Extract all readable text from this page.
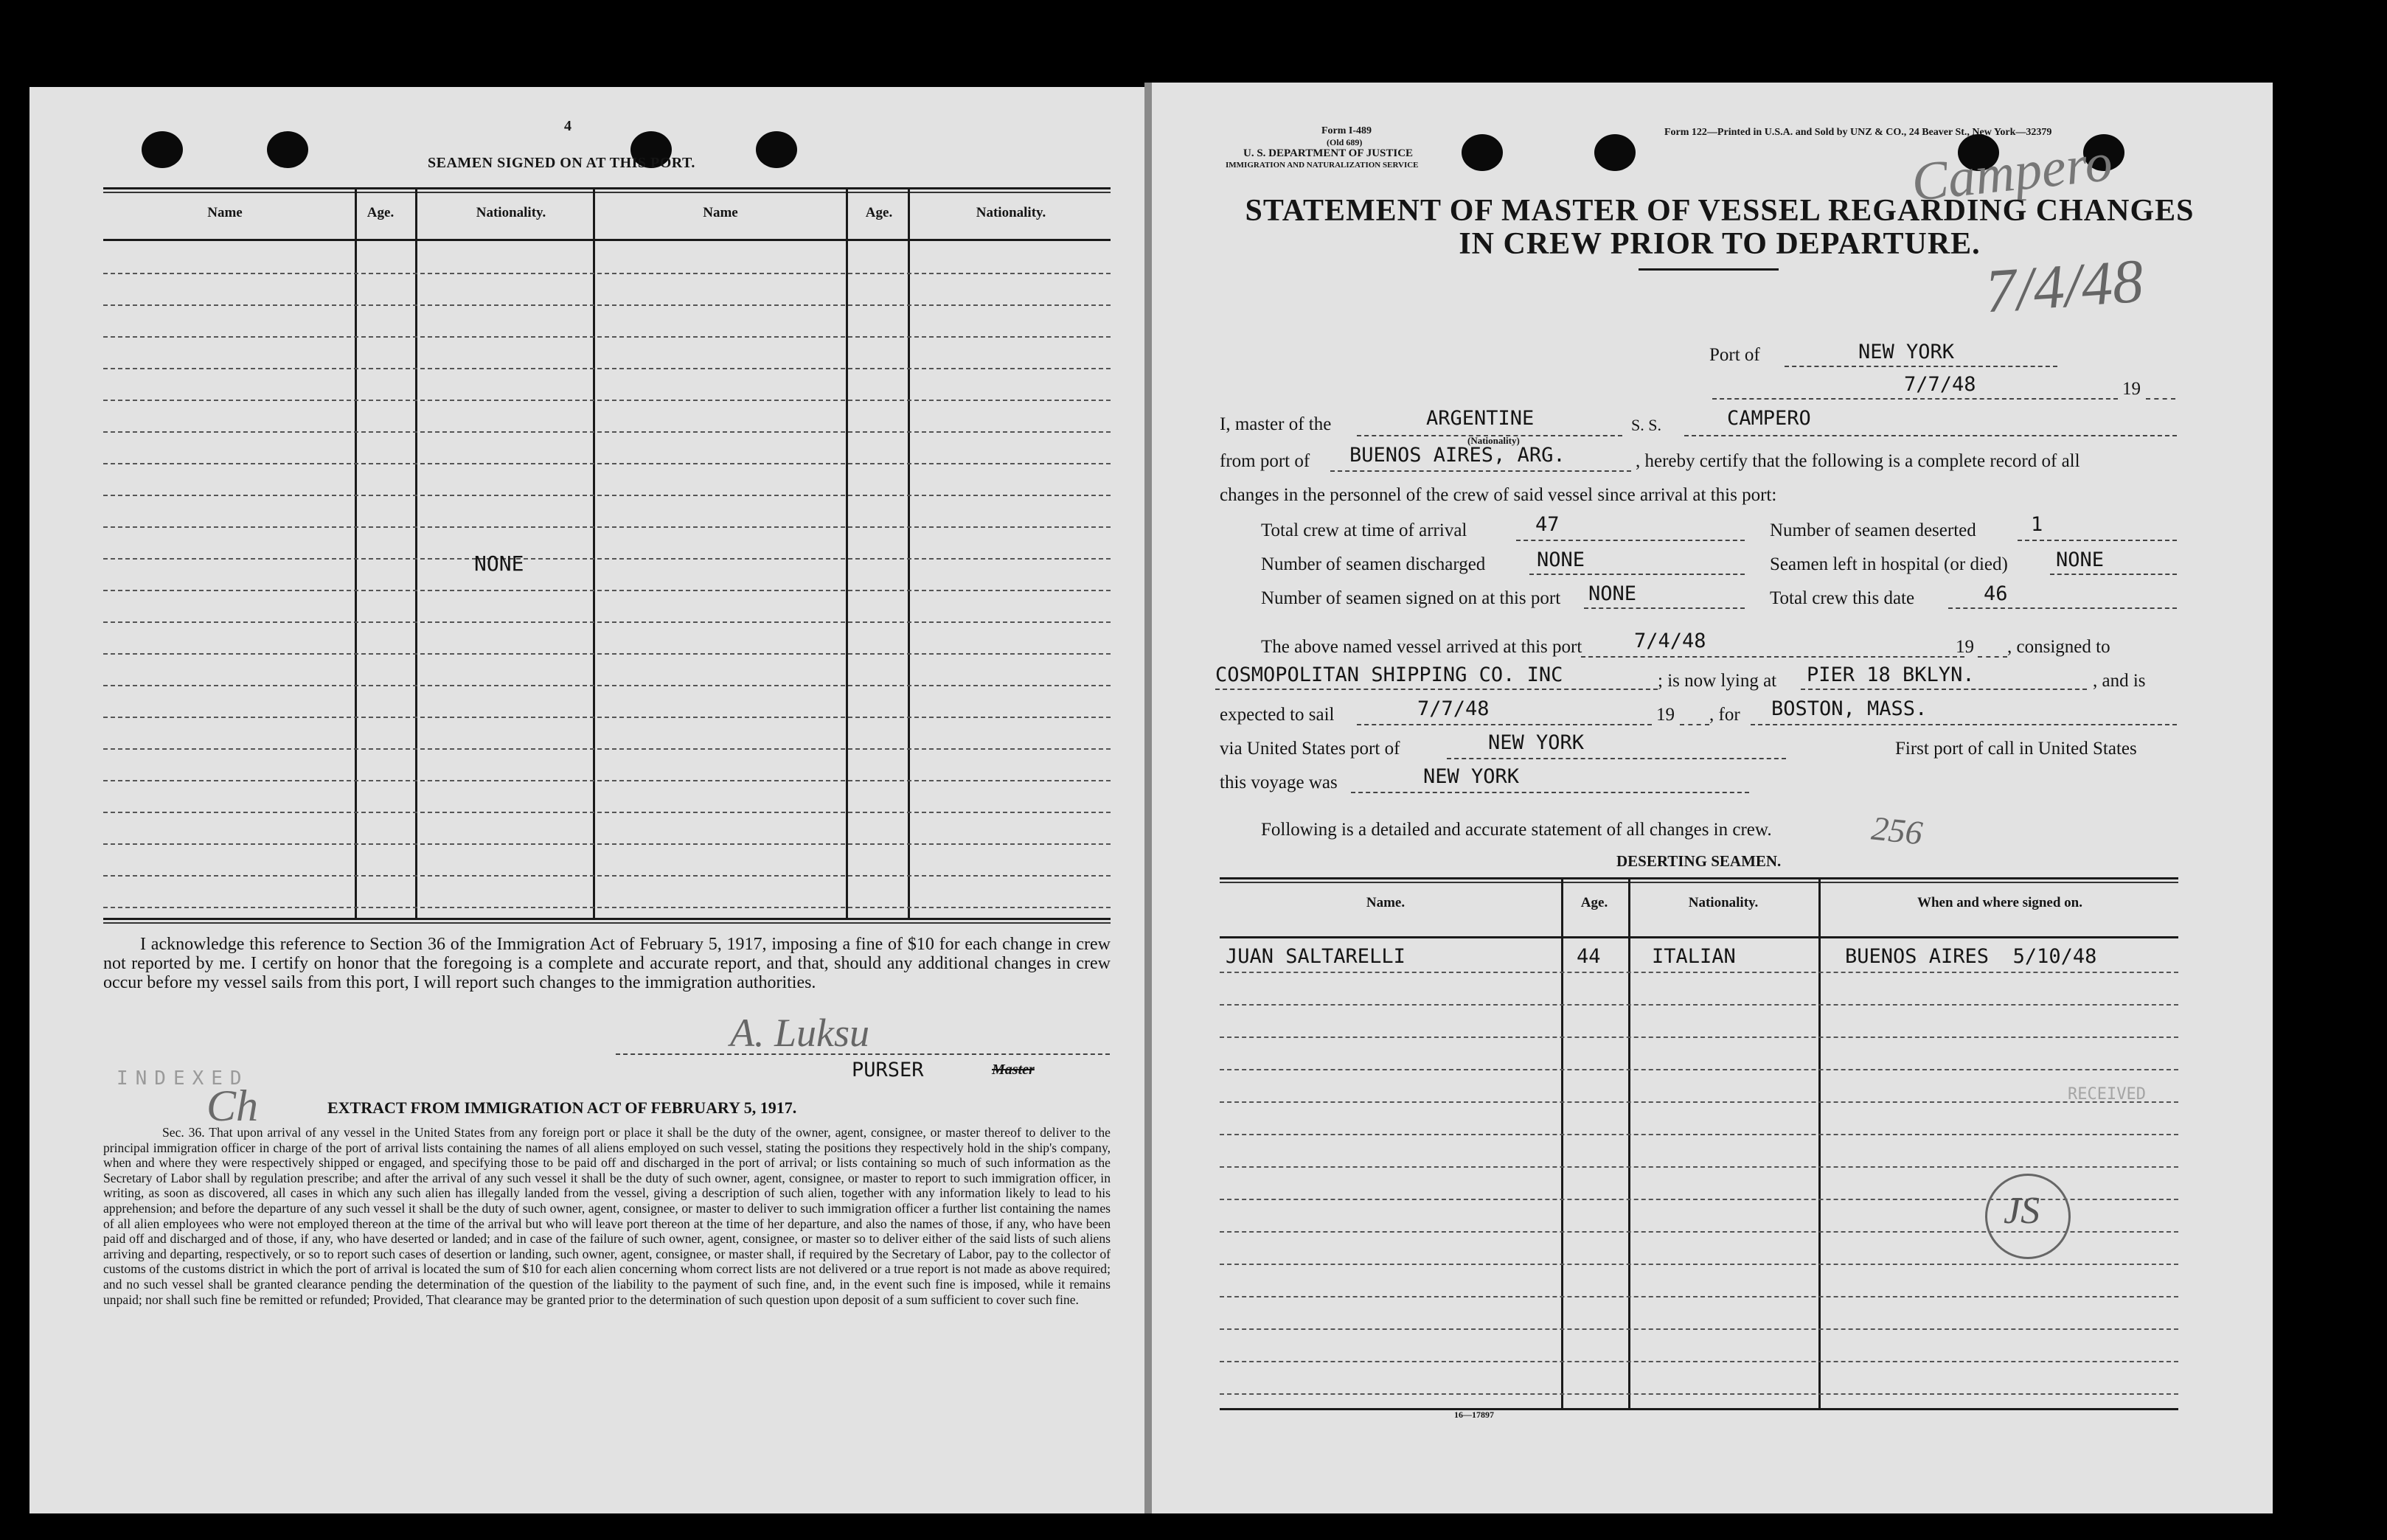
4
SEAMEN SIGNED ON AT THIS PORT.
Name	Age.	Nationality.	Name	Age.	Nationality.
NONE
I acknowledge this reference to Section 36 of the Immigration Act of February 5, 1917, imposing a fine of $10 for each change in crew not reported by me. I certify on honor that the foregoing is a complete and accurate report, and that, should any additional changes in crew occur before my vessel sails from this port, I will report such changes to the immigration authorities.
A. Luksu
PURSER	Master
INDEXED
Ch	EXTRACT FROM IMMIGRATION ACT OF FEBRUARY 5, 1917.
Sec. 36. That upon arrival of any vessel in the United States from any foreign port or place it shall be the duty of the owner, agent, consignee, or master thereof to deliver to the principal immigration officer in charge of the port of arrival lists containing the names of all aliens employed on such vessel, stating the positions they respectively hold in the ship's company, when and where they were respectively shipped or engaged, and specifying those to be paid off and discharged in the port of arrival; or lists containing so much of such information as the Secretary of Labor shall by regulation prescribe; and after the arrival of any such vessel it shall be the duty of such owner, agent, consignee, or master to report to such immigration officer, in writing, as soon as discovered, all cases in which any such alien has illegally landed from the vessel, giving a description of such alien, together with any information likely to lead to his apprehension; and before the departure of any such vessel it shall be the duty of such owner, agent, consignee, or master to deliver to such immigration officer a further list containing the names of all alien employees who were not employed thereon at the time of the arrival but who will leave port thereon at the time of her departure, and also the names of those, if any, who have been paid off and discharged and of those, if any, who have deserted or landed; and in case of the failure of such owner, agent, consignee, or master so to deliver either of the said lists of such aliens arriving and departing, respectively, or so to report such cases of desertion or landing, such owner, agent, consignee, or master shall, if required by the Secretary of Labor, pay to the collector of customs of the customs district in which the port of arrival is located the sum of $10 for each alien concerning whom correct lists are not delivered or a true report is not made as above required; and no such vessel shall be granted clearance pending the determination of the question of the liability to the payment of such fine, and, in the event such fine is imposed, while it remains unpaid; nor shall such fine be remitted or refunded; Provided, That clearance may be granted prior to the determination of such question upon deposit of a sum sufficient to cover such fine.
Form I-489
(Old 689)
U. S. DEPARTMENT OF JUSTICE
IMMIGRATION AND NATURALIZATION SERVICE
Form 122—Printed in U.S.A. and Sold by UNZ & CO., 24 Beaver St., New York—32379
Campero
STATEMENT OF MASTER OF VESSEL REGARDING CHANGES
IN CREW PRIOR TO DEPARTURE.
7/4/48
Port of	NEW YORK
7/7/48	19
I, master of the	ARGENTINE
(Nationality)
S. S.	CAMPERO
from port of BUENOS AIRES, ARG.	, hereby certify that the following is a complete record of all
changes in the personnel of the crew of said vessel since arrival at this port:
Total crew at time of arrival	47	Number of seamen deserted	1
Number of seamen discharged	NONE	Seamen left in hospital (or died) NONE
Number of seamen signed on at this port NONE	Total crew this date	46
The above named vessel arrived at this port	7/4/48	19 , consigned to
COSMOPOLITAN SHIPPING CO. INC	; is now lying at PIER 18 BKLYN.	, and is
expected to sail	7/7/48	19 , for BOSTON, MASS.
via United States port of	NEW YORK	First port of call in United States
this voyage was	NEW YORK
Following is a detailed and accurate statement of all changes in crew.	256
DESERTING SEAMEN.
Name.	Age.	Nationality.	When and where signed on.
JUAN SALTARELLI	44	ITALIAN	BUENOS AIRES  5/10/48
RECEIVED
JS
16—17897
